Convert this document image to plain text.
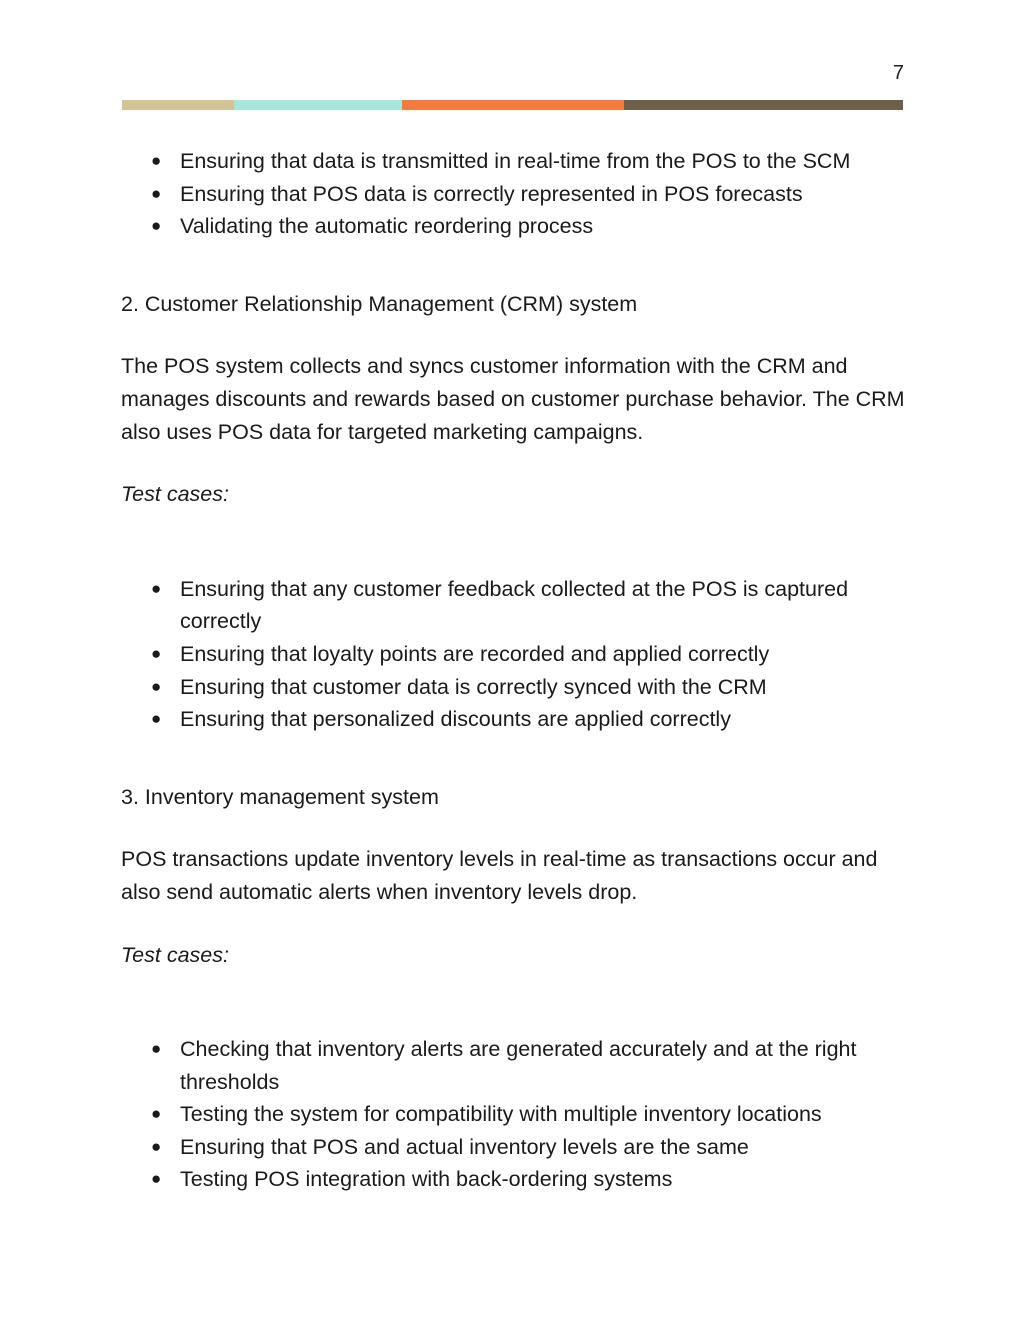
7
● Ensuring that data is transmitted in real-time from the POS to the SCM
● Ensuring that POS data is correctly represented in POS forecasts
● Validating the automatic reordering process

2. Customer Relationship Management (CRM) system

The POS system collects and syncs customer information with the CRM and manages discounts and rewards based on customer purchase behavior. The CRM also uses POS data for targeted marketing campaigns.

Test cases:

● Ensuring that any customer feedback collected at the POS is captured correctly
● Ensuring that loyalty points are recorded and applied correctly
● Ensuring that customer data is correctly synced with the CRM
● Ensuring that personalized discounts are applied correctly

3. Inventory management system

POS transactions update inventory levels in real-time as transactions occur and also send automatic alerts when inventory levels drop.

Test cases:

● Checking that inventory alerts are generated accurately and at the right thresholds
● Testing the system for compatibility with multiple inventory locations
● Ensuring that POS and actual inventory levels are the same
● Testing POS integration with back-ordering systems
